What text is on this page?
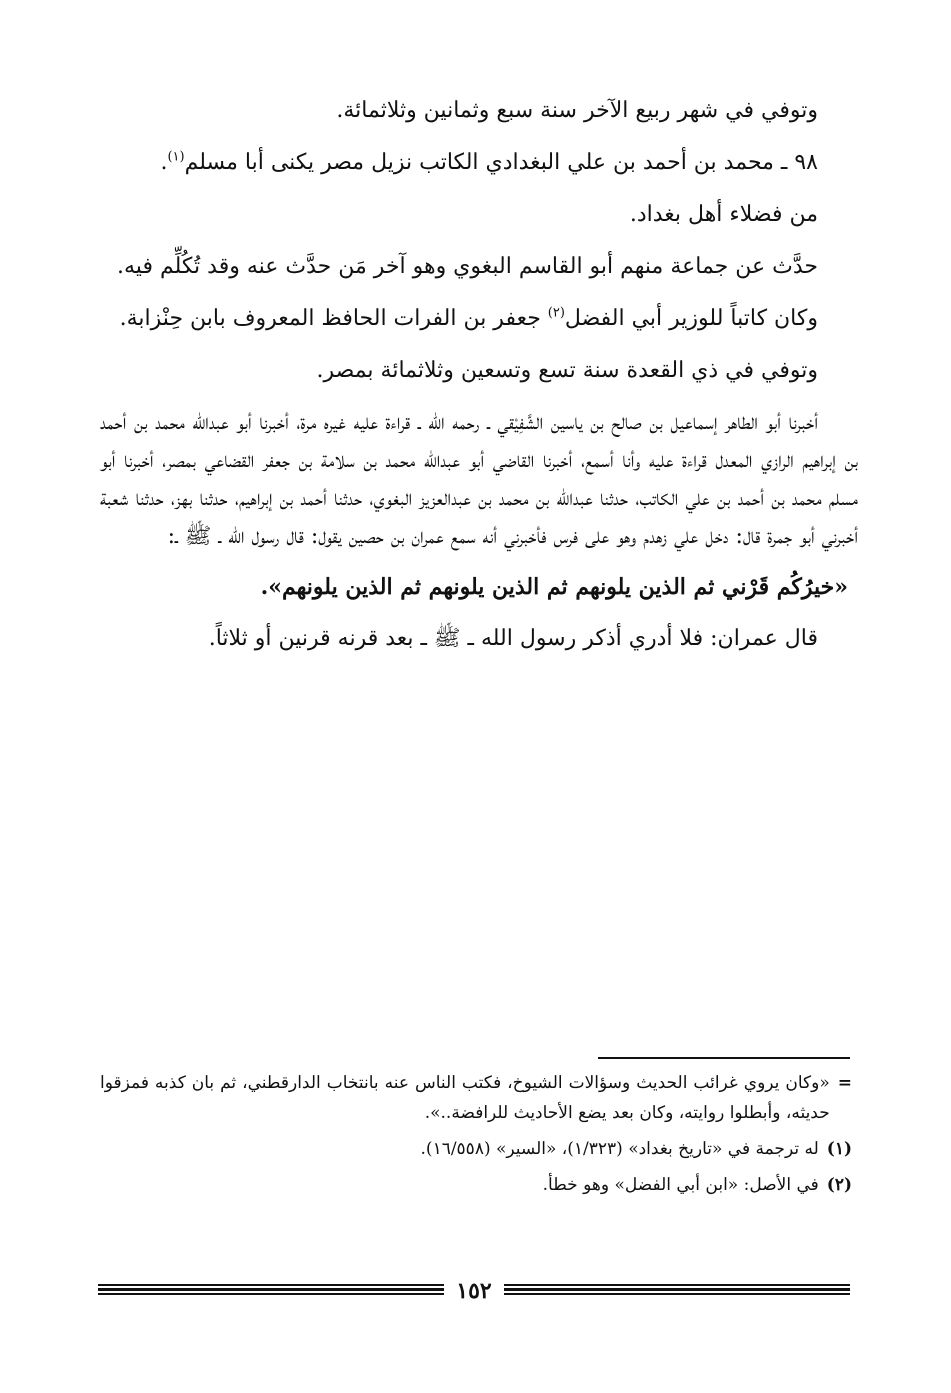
وتوفي في شهر ربيع الآخر سنة سبع وثمانين وثلاثمائة.

٩٨ ـ محمد بن أحمد بن علي البغدادي الكاتب نزيل مصر يكنى أبا مسلم$^{(١)}$.

من فضلاء أهل بغداد.

حدَّث عن جماعة منهم أبو القاسم البغوي وهو آخر مَن حدَّث عنه وقد تُكُلِّم فيه.

وكان كاتباً للوزير أبي الفضل$^{(٢)}$ جعفر بن الفرات الحافظ المعروف بابن حِنْزابة.

وتوفي في ذي القعدة سنة تسع وتسعين وثلاثمائة بمصر.

أخبرنا أبو الطاهر إسماعيل بن صالح بن ياسين الشَّفِيْقي ـ رحمه الله ـ قراءة عليه غيره مرة، أخبرنا أبو عبدالله محمد بن أحمد بن إبراهيم الرازي المعدل قراءة عليه وأنا أسمع، أخبرنا القاضي أبو عبدالله محمد بن سلامة بن جعفر القضاعي بمصر، أخبرنا أبو مسلم محمد بن أحمد بن علي الكاتب، حدثنا عبدالله بن محمد بن عبدالعزيز البغوي، حدثنا أحمد بن إبراهيم، حدثنا بهز، حدثنا شعبة أخبرني أبو جمرة قال: دخل علي زهدم وهو على فرس فأخبرني أنه سمع عمران بن حصين يقول: قال رسول الله ـ ﷺ ـ:

«خيرُكُم قَرْني ثم الذين يلونهم ثم الذين يلونهم ثم الذين يلونهم».

قال عمران: فلا أدري أذكر رسول الله ـ ﷺ ـ بعد قرنه قرنين أو ثلاثاً.

=
«وكان يروي غرائب الحديث وسؤالات الشيوخ، فكتب الناس عنه بانتخاب الدارقطني، ثم بان كذبه فمزقوا حديثه، وأبطلوا روايته، وكان بعد يضع الأحاديث للرافضة..».
(١)
له ترجمة في «تاريخ بغداد» (١/٣٢٣)، «السير» (١٦/٥٥٨).
(٢)
في الأصل: «ابن أبي الفضل» وهو خطأ.
١٥٢
